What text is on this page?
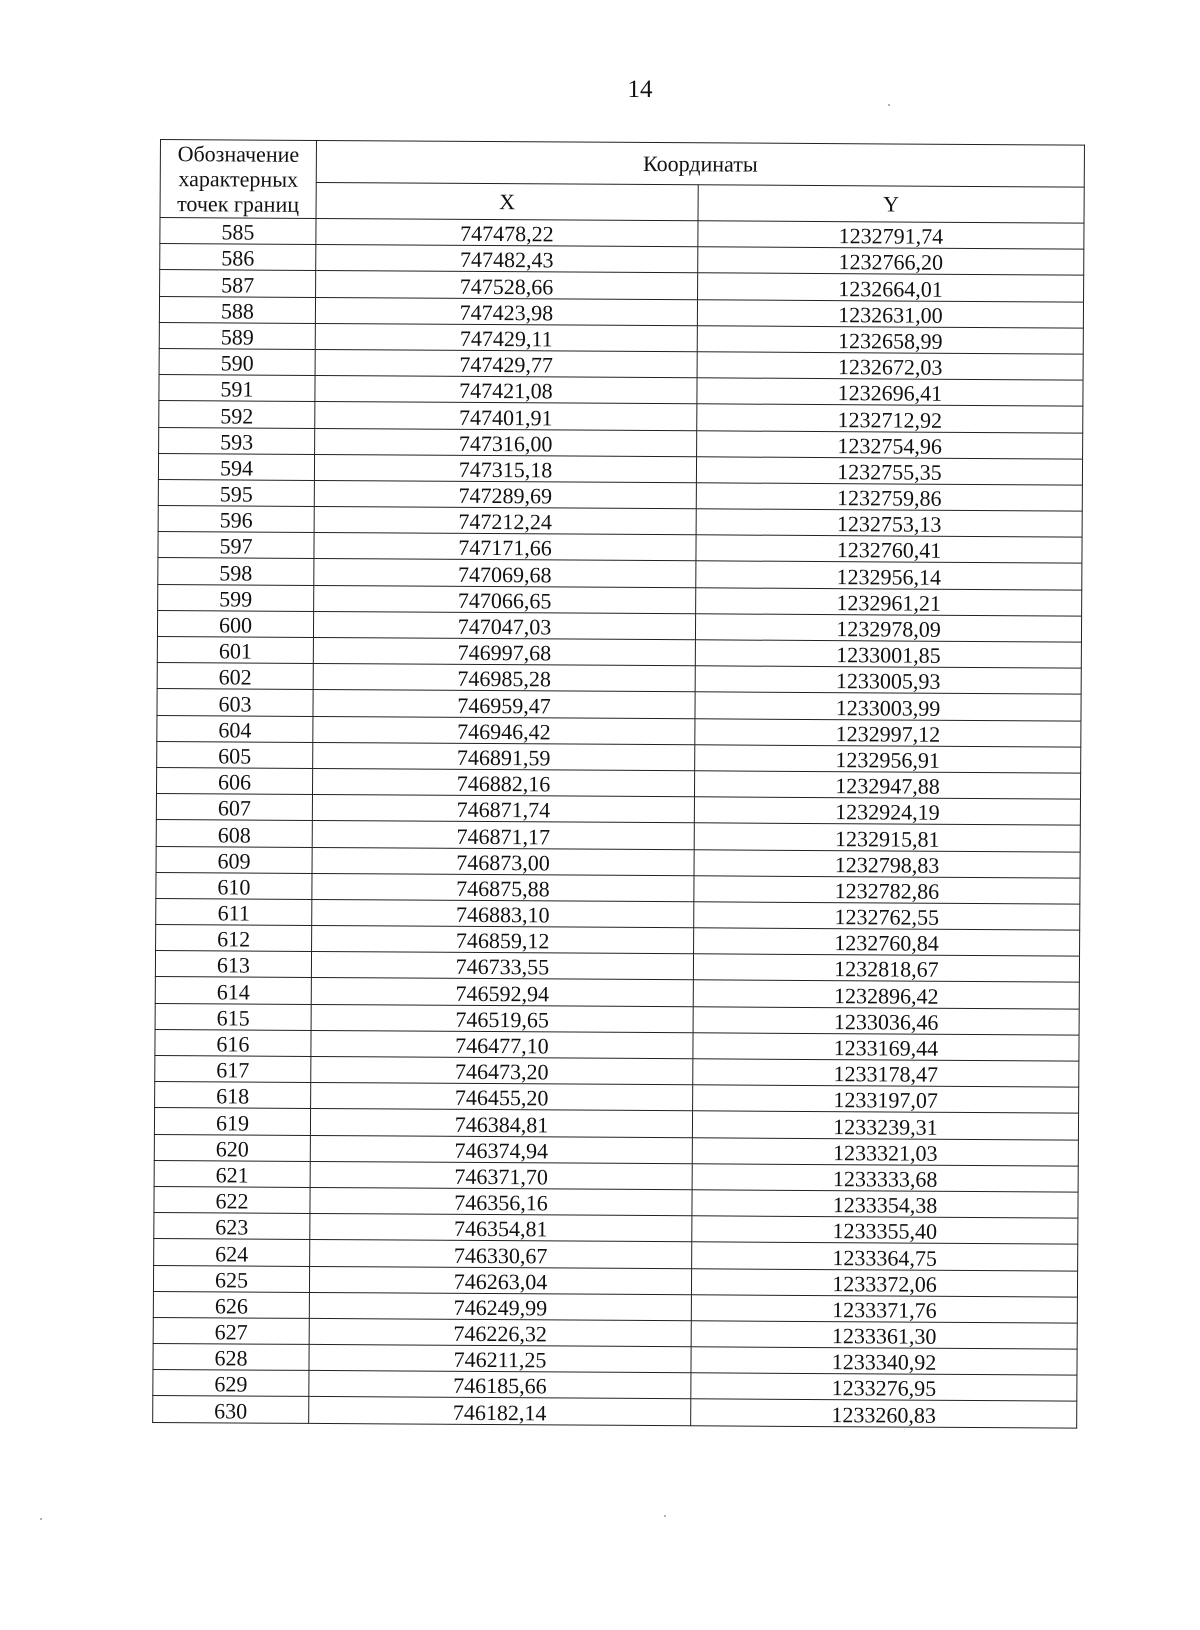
14
Обозначение характерных точек границ	Координаты	
	X	Y
585	747478,22	1232791,74
586	747482,43	1232766,20
587	747528,66	1232664,01
588	747423,98	1232631,00
589	747429,11	1232658,99
590	747429,77	1232672,03
591	747421,08	1232696,41
592	747401,91	1232712,92
593	747316,00	1232754,96
594	747315,18	1232755,35
595	747289,69	1232759,86
596	747212,24	1232753,13
597	747171,66	1232760,41
598	747069,68	1232956,14
599	747066,65	1232961,21
600	747047,03	1232978,09
601	746997,68	1233001,85
602	746985,28	1233005,93
603	746959,47	1233003,99
604	746946,42	1232997,12
605	746891,59	1232956,91
606	746882,16	1232947,88
607	746871,74	1232924,19
608	746871,17	1232915,81
609	746873,00	1232798,83
610	746875,88	1232782,86
611	746883,10	1232762,55
612	746859,12	1232760,84
613	746733,55	1232818,67
614	746592,94	1232896,42
615	746519,65	1233036,46
616	746477,10	1233169,44
617	746473,20	1233178,47
618	746455,20	1233197,07
619	746384,81	1233239,31
620	746374,94	1233321,03
621	746371,70	1233333,68
622	746356,16	1233354,38
623	746354,81	1233355,40
624	746330,67	1233364,75
625	746263,04	1233372,06
626	746249,99	1233371,76
627	746226,32	1233361,30
628	746211,25	1233340,92
629	746185,66	1233276,95
630	746182,14	1233260,83
